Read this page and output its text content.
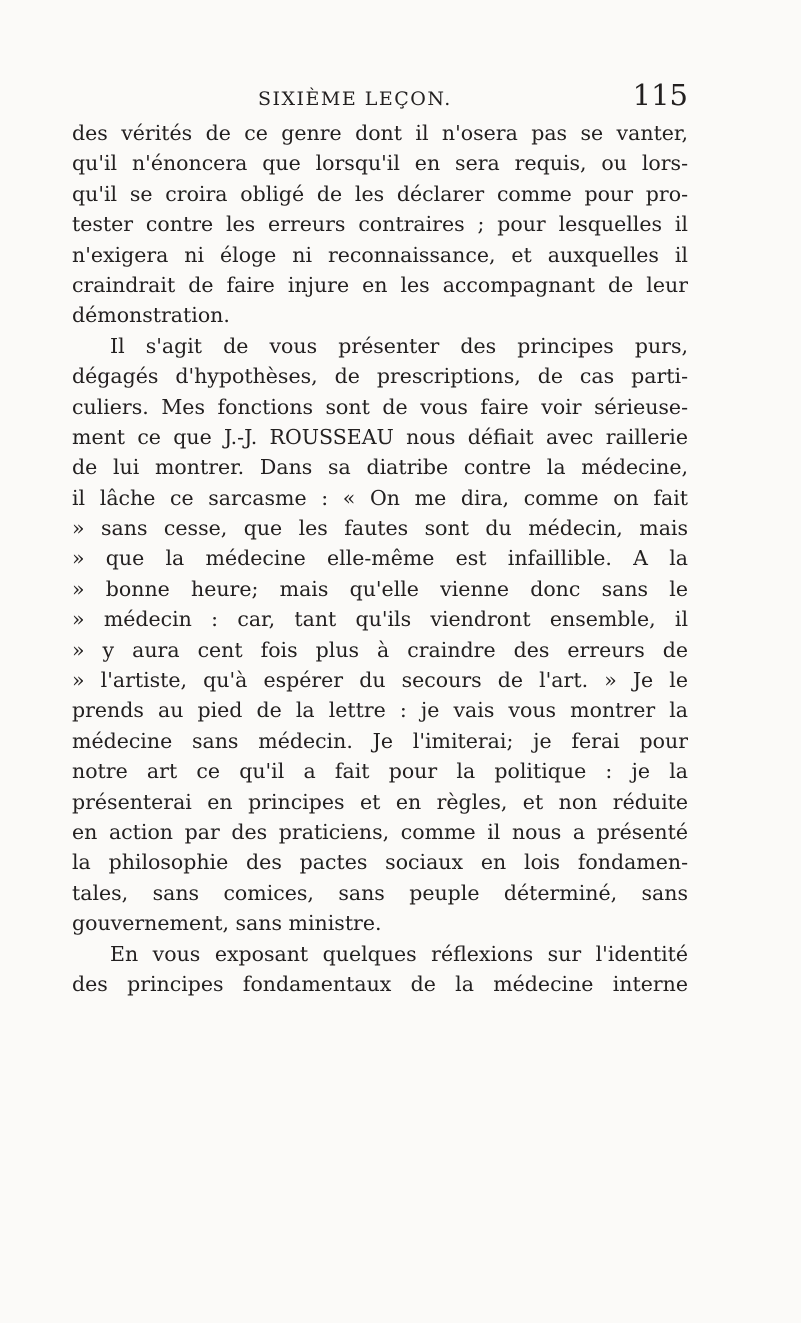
SIXIÈME LEÇON.	115
des vérités de ce genre dont il n'osera pas se vanter,
qu'il n'énoncera que lorsqu'il en sera requis, ou lors-
qu'il se croira obligé de les déclarer comme pour pro-
tester contre les erreurs contraires ; pour lesquelles il
n'exigera ni éloge ni reconnaissance, et auxquelles il
craindrait de faire injure en les accompagnant de leur
démonstration.
Il s'agit de vous présenter des principes purs,
dégagés d'hypothèses, de prescriptions, de cas parti-
culiers. Mes fonctions sont de vous faire voir sérieuse-
ment ce que J.-J. ROUSSEAU nous défiait avec raillerie
de lui montrer. Dans sa diatribe contre la médecine,
il lâche ce sarcasme : « On me dira, comme on fait
» sans cesse, que les fautes sont du médecin, mais
» que la médecine elle-même est infaillible. A la
» bonne heure; mais qu'elle vienne donc sans le
» médecin : car, tant qu'ils viendront ensemble, il
» y aura cent fois plus à craindre des erreurs de
» l'artiste, qu'à espérer du secours de l'art. » Je le
prends au pied de la lettre : je vais vous montrer la
médecine sans médecin. Je l'imiterai; je ferai pour
notre art ce qu'il a fait pour la politique : je la
présenterai en principes et en règles, et non réduite
en action par des praticiens, comme il nous a présenté
la philosophie des pactes sociaux en lois fondamen-
tales, sans comices, sans peuple déterminé, sans
gouvernement, sans ministre.
En vous exposant quelques réflexions sur l'identité
des principes fondamentaux de la médecine interne
